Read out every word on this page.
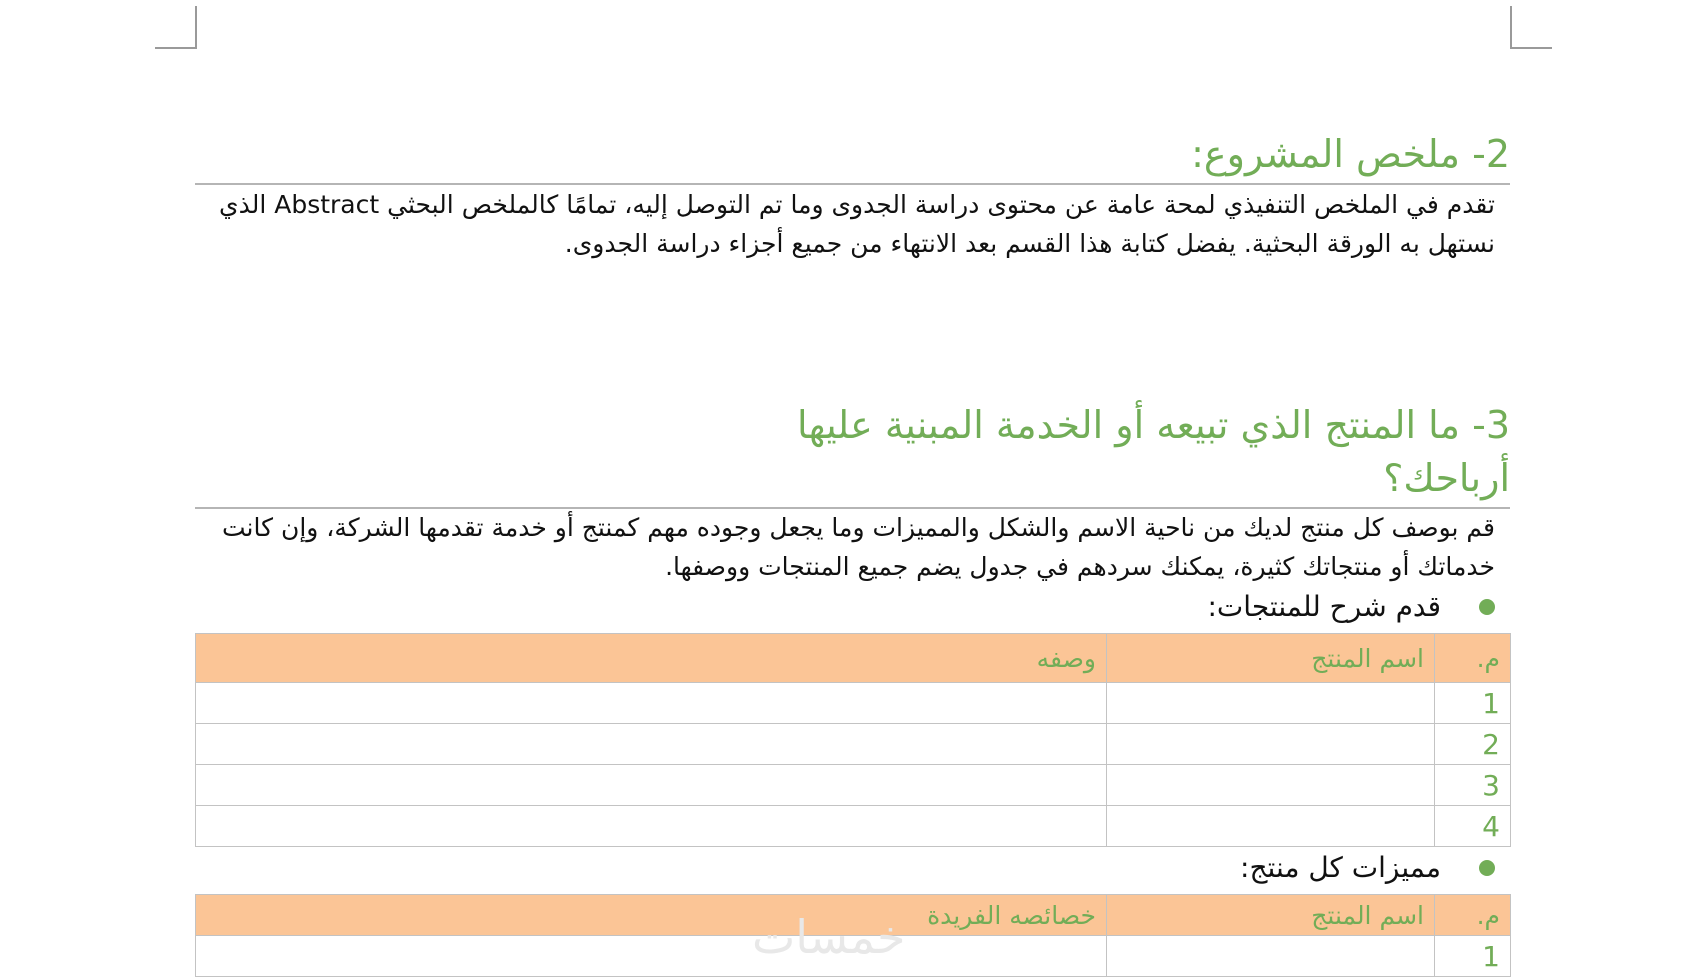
2- ملخص المشروع:

تقدم في الملخص التنفيذي لمحة عامة عن محتوى دراسة الجدوى وما تم التوصل إليه، تمامًا كالملخص البحثي Abstract الذي نستهل به الورقة البحثية. يفضل كتابة هذا القسم بعد الانتهاء من جميع أجزاء دراسة الجدوى.

3- ما المنتج الذي تبيعه أو الخدمة المبنية عليها
أرباحك؟

قم بوصف كل منتج لديك من ناحية الاسم والشكل والمميزات وما يجعل وجوده مهم كمنتج أو خدمة تقدمها الشركة، وإن كانت خدماتك أو منتجاتك كثيرة، يمكنك سردهم في جدول يضم جميع المنتجات ووصفها.

قدم شرح للمنتجات:
م.	اسم المنتج	وصفه
1		
2		
3		
4		
مميزات كل منتج:
م.	اسم المنتج	خصائصه الفريدة
1		
خمسات
